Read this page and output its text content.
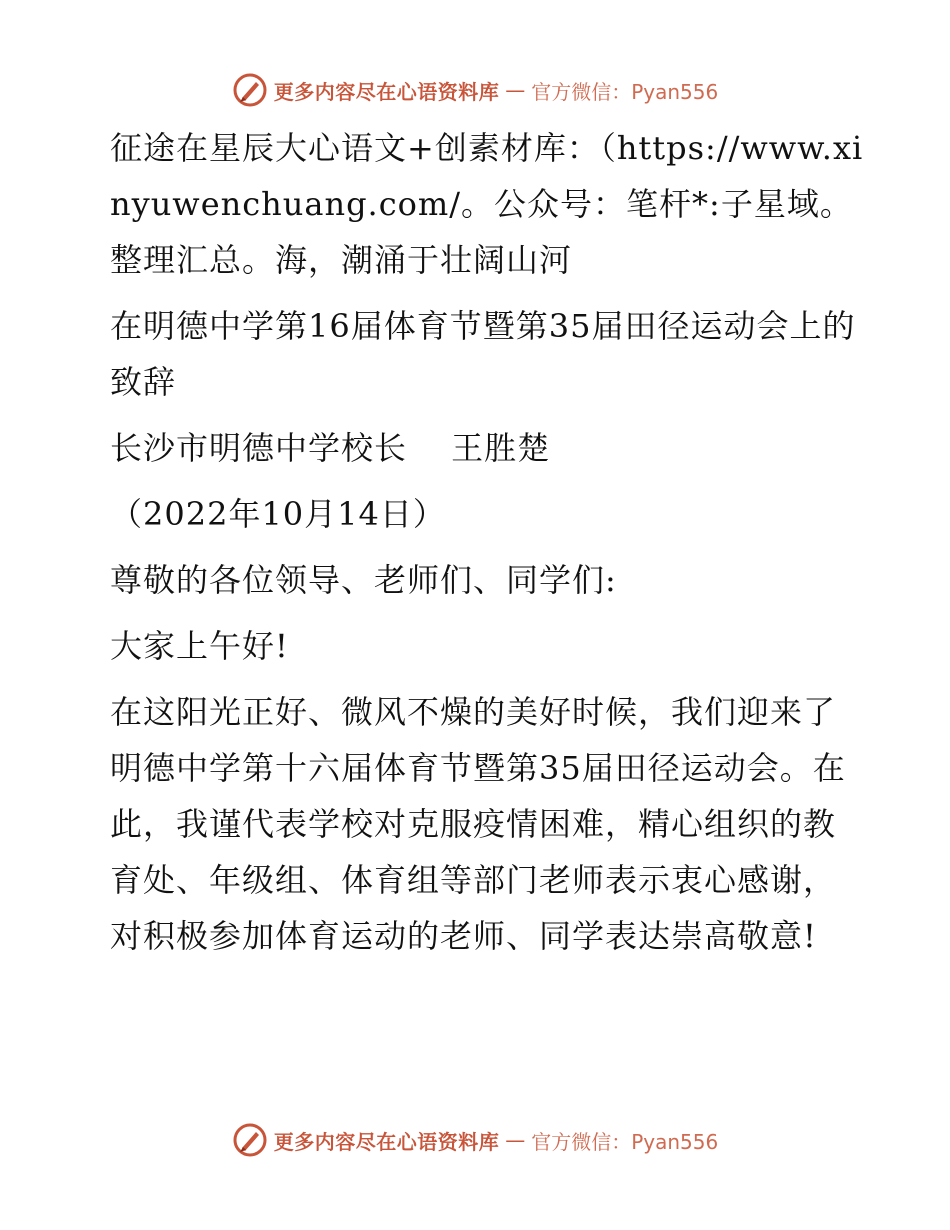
更多内容尽在心语资料库 — 官方微信：Pyan556

征途在星辰大心语文+创素材库：（https://www.xinyuwenchuang.com/。公众号：笔杆*:子星域。整理汇总。海，潮涌于壮阔山河

在明德中学第16届体育节暨第35届田径运动会上的致辞

长沙市明德中学校长　 王胜楚

（2022年10月14日）

尊敬的各位领导、老师们、同学们:

大家上午好!

在这阳光正好、微风不燥的美好时候，我们迎来了明德中学第十六届体育节暨第35届田径运动会。在此，我谨代表学校对克服疫情困难，精心组织的教育处、年级组、体育组等部门老师表示衷心感谢，对积极参加体育运动的老师、同学表达崇高敬意!

更多内容尽在心语资料库 — 官方微信：Pyan556
